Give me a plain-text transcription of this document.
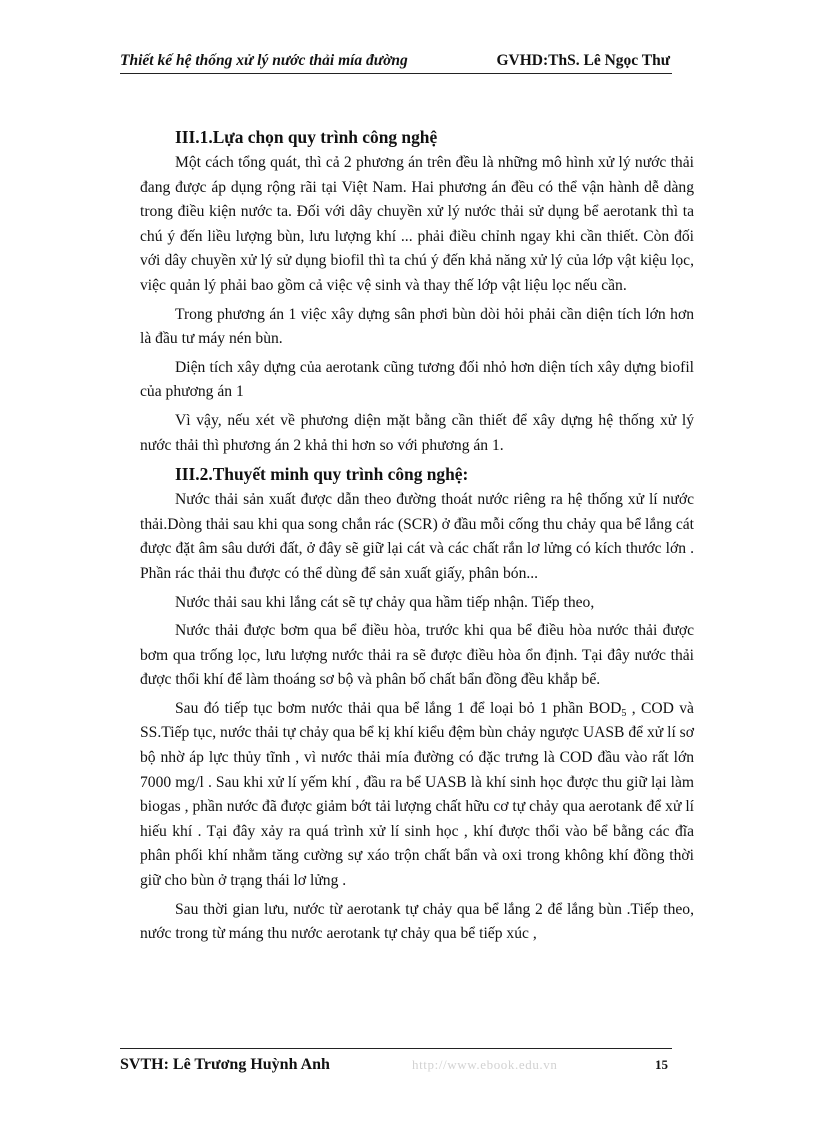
Thiết kế hệ thống xử lý nước thải mía đường	GVHD:ThS. Lê Ngọc Thư
III.1.Lựa chọn quy trình công nghệ

Một cách tổng quát, thì cả 2 phương án trên đều là những mô hình xử lý nước thải đang được áp dụng rộng rãi tại Việt Nam. Hai phương án đều có thể vận hành dễ dàng trong điều kiện nước ta. Đối với dây chuyền xử lý nước thải sử dụng bể aerotank thì ta chú ý đến liều lượng bùn, lưu lượng khí ... phải điều chỉnh ngay khi cần thiết. Còn đối với dây chuyền xử lý sử dụng biofil thì ta chú ý đến khả năng xử lý của lớp vật kiệu lọc, việc quản lý phải bao gồm cả việc vệ sinh và thay thế lớp vật liệu lọc nếu cần.

Trong phương án 1 việc xây dựng sân phơi bùn dòi hỏi phải cần diện tích lớn hơn là đầu tư máy nén bùn.

Diện tích xây dựng của aerotank cũng tương đối nhỏ hơn diện tích xây dựng biofil của phương án 1

Vì vậy, nếu xét về phương diện mặt bằng cần thiết để xây dựng hệ thống xử lý nước thải thì phương án 2 khả thi hơn so với phương án 1.

III.2.Thuyết minh quy trình công nghệ:

Nước thải sản xuất được dẫn theo đường thoát nước riêng ra hệ thống xử lí nước thải.Dòng thải sau khi qua song chắn rác (SCR) ở đầu mỗi cống thu chảy qua bể lắng cát được đặt âm sâu dưới đất, ở đây sẽ giữ lại cát và các chất rắn lơ lửng có kích thước lớn . Phần rác thải thu được có thể dùng để sản xuất giấy, phân bón...

Nước thải sau khi lắng cát sẽ tự chảy qua hầm tiếp nhận. Tiếp theo,

Nước thải được bơm qua bể điều hòa, trước khi qua bể điều hòa nước thải được bơm qua trống lọc, lưu lượng nước thải ra sẽ được điều hòa ổn định. Tại đây nước thải được thổi khí để làm thoáng sơ bộ và phân bố chất bẩn đồng đều khắp bể.

Sau đó tiếp tục bơm nước thải qua bể lắng 1 để loại bỏ 1 phần $BOD_5$ , COD và SS.Tiếp tục, nước thải tự chảy qua bể kị khí kiểu đệm bùn chảy ngược UASB để xử lí sơ bộ nhờ áp lực thủy tĩnh , vì nước thải mía đường có đặc trưng là COD đầu vào rất lớn 7000 mg/l . Sau khi xử lí yếm khí , đầu ra bể UASB là khí sinh học được thu giữ lại làm biogas , phần nước đã được giảm bớt tải lượng chất hữu cơ tự chảy qua aerotank để xử lí hiếu khí . Tại đây xảy ra quá trình xử lí sinh học , khí được thổi vào bể bằng các đĩa phân phối khí nhằm tăng cường sự xáo trộn chất bẩn và oxi trong không khí đồng thời giữ cho bùn ở trạng thái lơ lửng .

Sau thời gian lưu, nước từ aerotank tự chảy qua bể lắng 2 để lắng bùn .Tiếp theo, nước trong từ máng thu nước aerotank tự chảy qua bể tiếp xúc ,

SVTH: Lê Trương Huỳnh Anh	http://www.ebook.edu.vn	15
